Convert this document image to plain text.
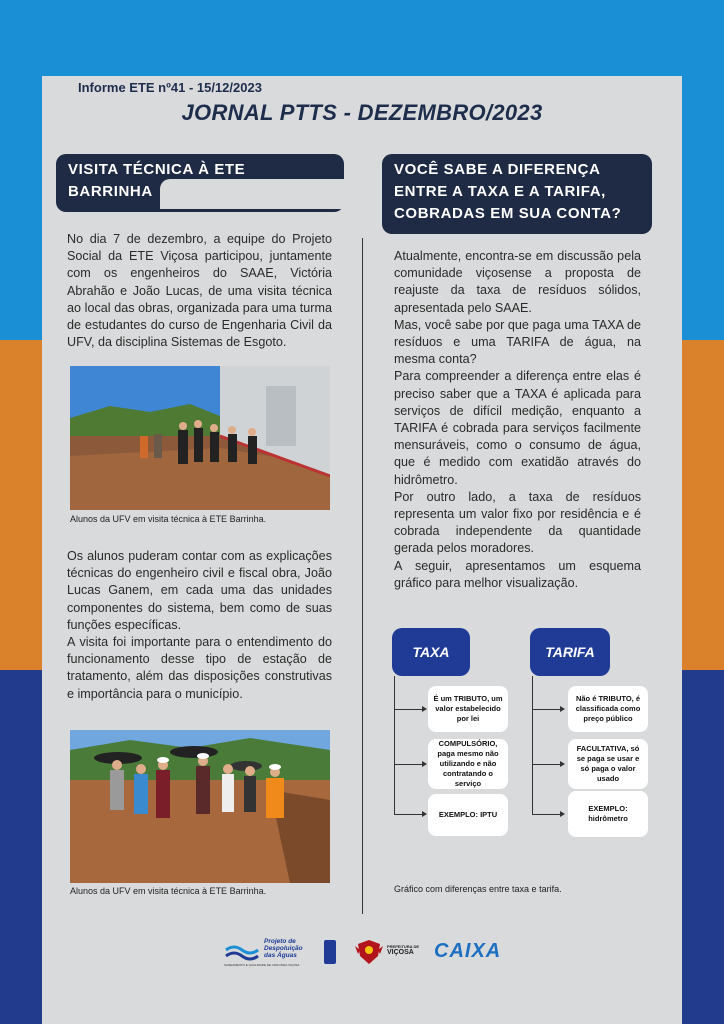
Informe ETE nº41 - 15/12/2023
JORNAL PTTS - DEZEMBRO/2023
VISITA TÉCNICA À ETE
BARRINHA

No dia 7 de dezembro, a equipe do Projeto Social da ETE Viçosa participou, juntamente com os engenheiros do SAAE, Victória Abrahão e João Lucas, de uma visita técnica ao local das obras, organizada para uma turma de estudantes do curso de Engenharia Civil da UFV, da disciplina Sistemas de Esgoto.

Alunos da UFV em visita técnica à ETE Barrinha.

Os alunos puderam contar com as explicações técnicas do engenheiro civil e fiscal obra, João Lucas Ganem, em cada uma das unidades componentes do sistema, bem como de suas funções específicas.

A visita foi importante para o entendimento do funcionamento desse tipo de estação de tratamento, além das disposições construtivas e importância para o município.

Alunos da UFV em visita técnica à ETE Barrinha.
VOCÊ SABE A DIFERENÇA
ENTRE A TAXA E A TARIFA,
COBRADAS EM SUA CONTA?

Atualmente, encontra-se em discussão pela comunidade viçosense a proposta de reajuste da taxa de resíduos sólidos, apresentada pelo SAAE.

Mas, você sabe por que paga uma TAXA de resíduos e uma TARIFA de água, na mesma conta?

Para compreender a diferença entre elas é preciso saber que a TAXA é aplicada para serviços de difícil medição, enquanto a TARIFA é cobrada para serviços facilmente mensuráveis, como o consumo de água, que é medido com exatidão através do hidrômetro.

Por outro lado, a taxa de resíduos representa um valor fixo por residência e é cobrada independente da quantidade gerada pelos moradores.

A seguir, apresentamos um esquema gráfico para melhor visualização.

TAXA	TARIFA
É um TRIBUTO, um valor estabelecido por lei
COMPULSÓRIO, paga mesmo não utilizando e não contratando o serviço
EXEMPLO: IPTU
Não é TRIBUTO, é classificada como preço público
FACULTATIVA, só se paga se usar e só paga o valor usado
EXEMPLO: hidrômetro
Gráfico com diferenças entre taxa e tarifa.
Projeto de Despoluição das Águas
SANEAMENTO E QUALIDADE DE VIDA PARA VIÇOSA
PREFEITURA DE
VIÇOSA CAIXA
